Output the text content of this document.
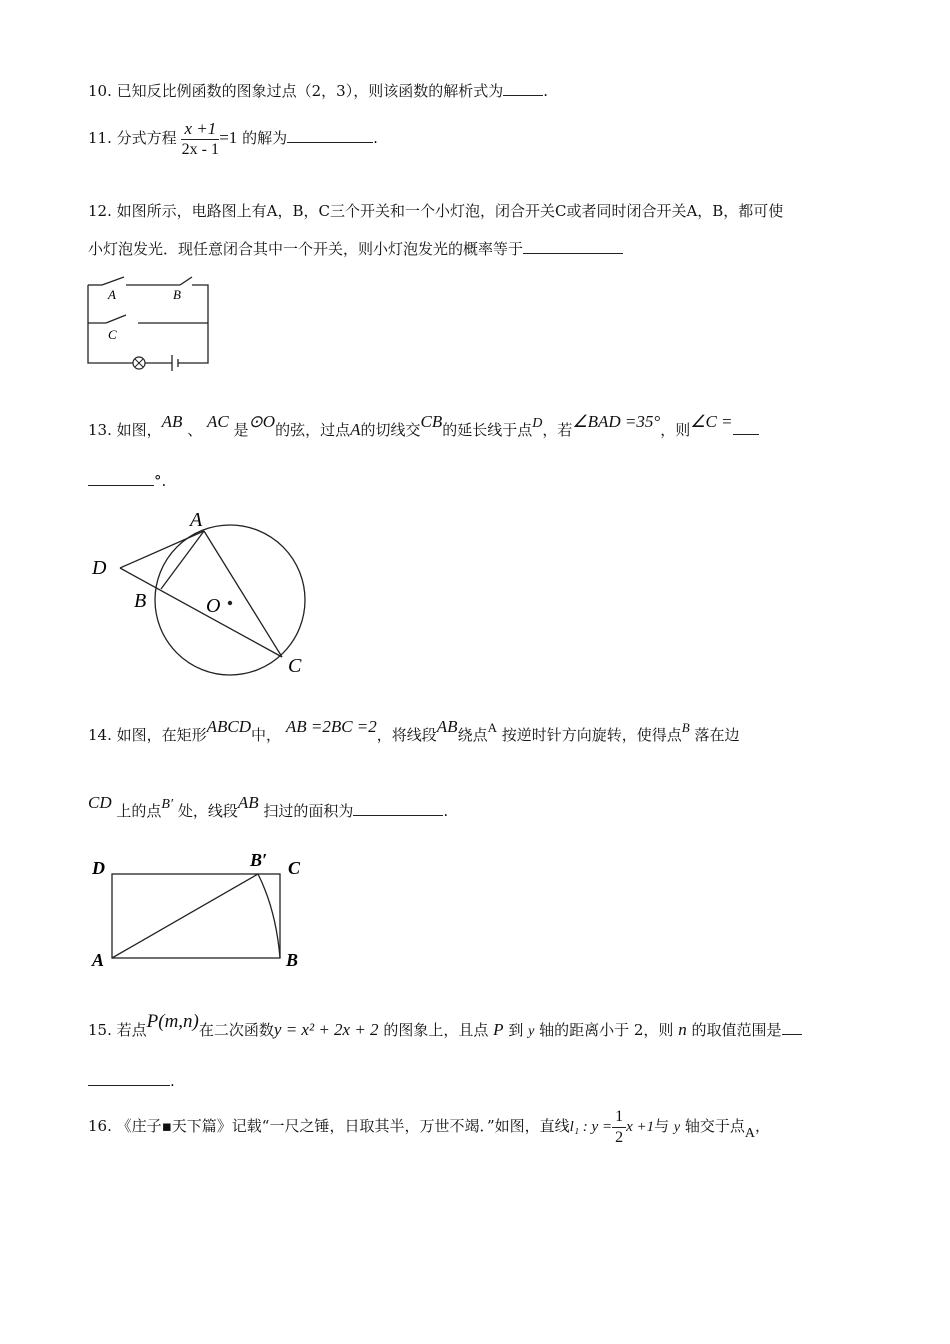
10. 已知反比例函数的图象过点（2，3），则该函数的解析式为	.
11. 分式方程 $\frac{x +1}{2x - 1} =1$ 的解为	.
12. 如图所示，电路图上有A，B，C三个开关和一个小灯泡，闭合开关C或者同时闭合开关A，B，都可使
小灯泡发光．现任意闭合其中一个开关，则小灯泡发光的概率等于
A	B
C
13. 如图，AB 、 AC 是⊙O的弦，过点A的切线交CB的延长线于点D，若∠BAD =35°，则∠C =
°.
A
B
C
D
O
14. 如图，在矩形ABCD中， AB =2BC =2，将线段AB绕点A 按逆时针方向旋转，使得点B 落在边
CD 上的点B′ 处，线段AB 扫过的面积为	.
D	B′ C
A	B
15. 若点P(m,n)在二次函数y = x² + 2x + 2 的图象上，且点 P 到 y 轴的距离小于 2，则 n 的取值范围是
.
16. 《庄子▪天下篇》记载“一尺之锤，日取其半，万世不竭．”如图，直线l₁ : $y = \frac{1}{2}$ x +1与 y 轴交于点A，
